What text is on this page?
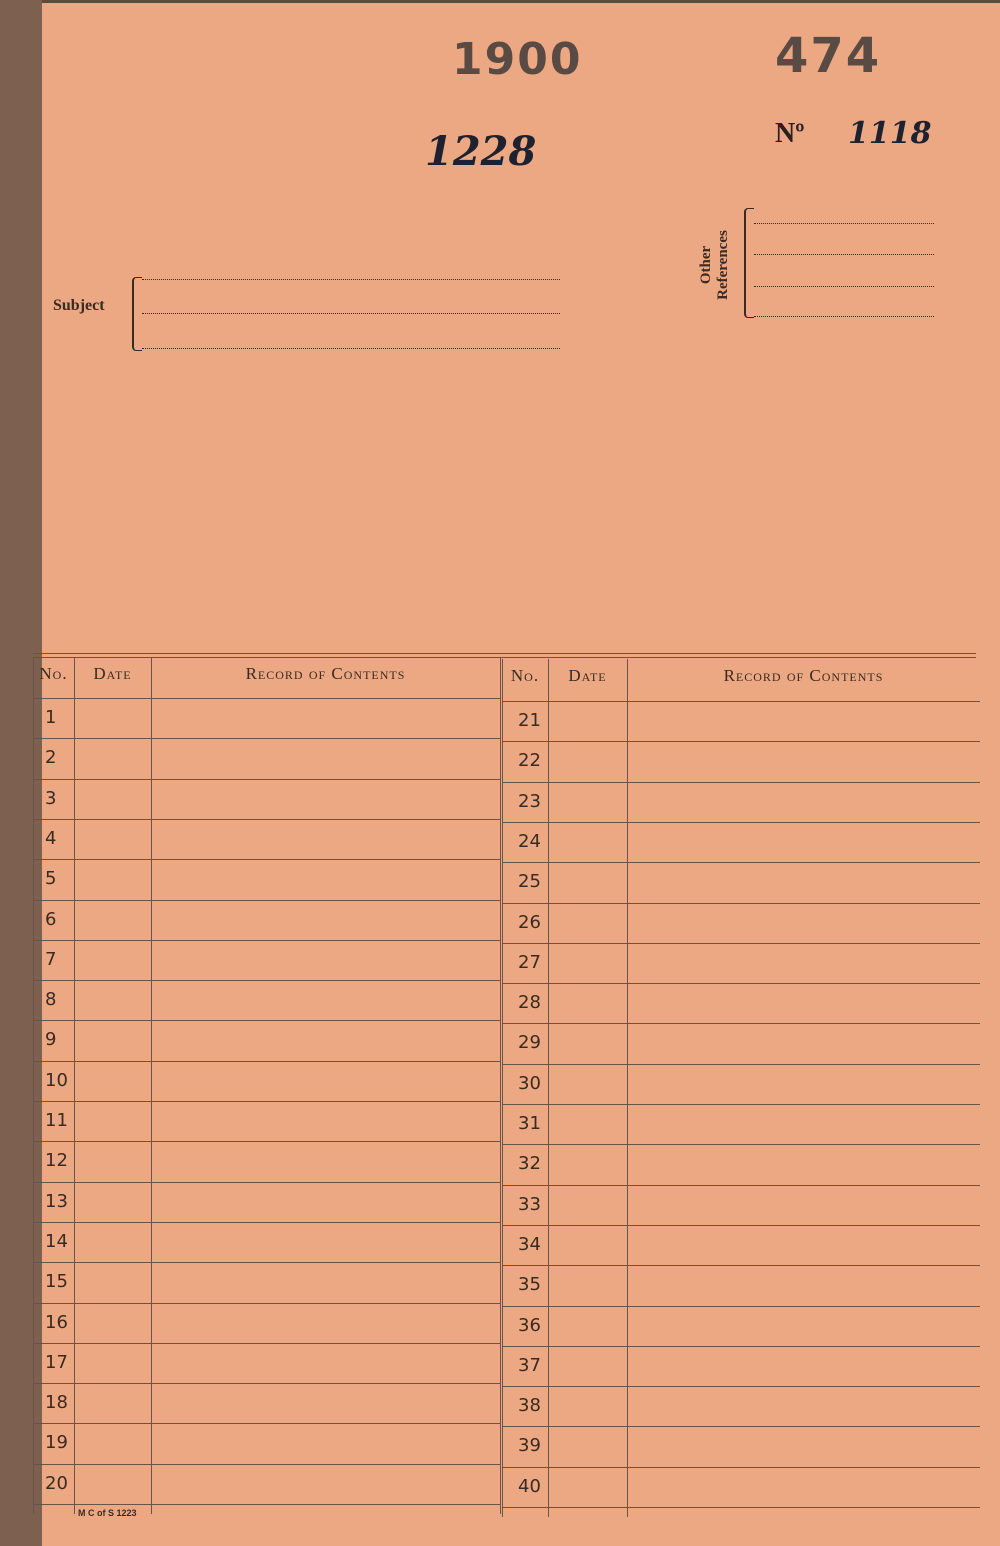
1900	474
1228	Nº 1118
Subject
Other References
No.	Date	Record of Contents
1
2
3
4
5
6
7
8
9
10
11
12
13
14
15
16
17
18
19
20
No.	Date	Record of Contents
21
22
23
24
25
26
27
28
29
30
31
32
33
34
35
36
37
38
39
40
M C of S 1223
